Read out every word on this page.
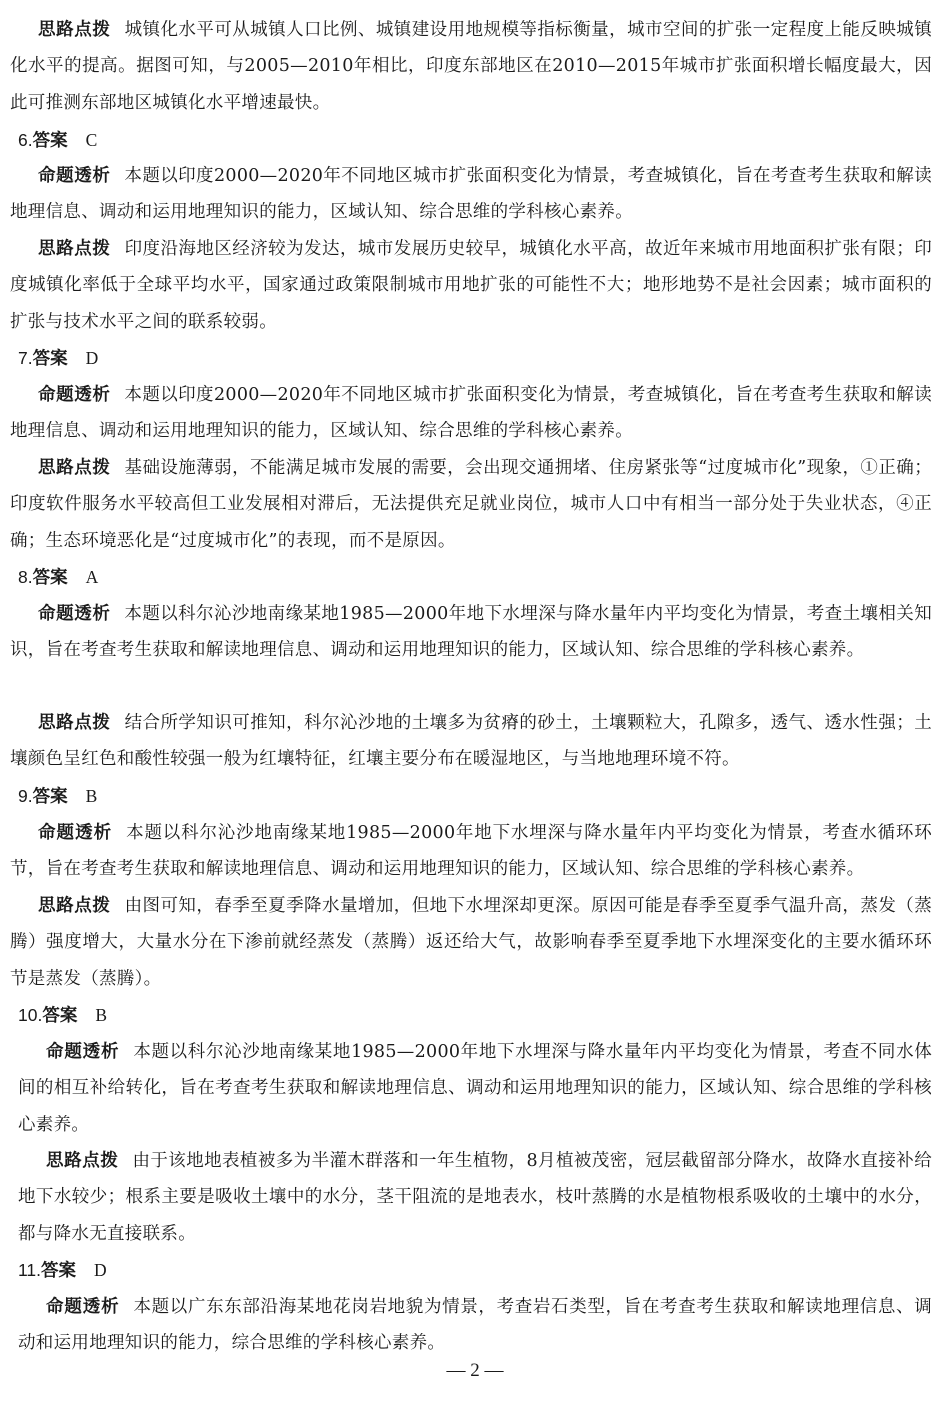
思路点拨 城镇化水平可从城镇人口比例、城镇建设用地规模等指标衡量，城市空间的扩张一定程度上能反映城镇化水平的提高。据图可知，与2005—2010年相比，印度东部地区在2010—2015年城市扩张面积增长幅度最大，因此可推测东部地区城镇化水平增速最快。
6.答案 C
命题透析 本题以印度2000—2020年不同地区城市扩张面积变化为情景，考查城镇化，旨在考查考生获取和解读地理信息、调动和运用地理知识的能力，区域认知、综合思维的学科核心素养。
思路点拨 印度沿海地区经济较为发达，城市发展历史较早，城镇化水平高，故近年来城市用地面积扩张有限；印度城镇化率低于全球平均水平，国家通过政策限制城市用地扩张的可能性不大；地形地势不是社会因素；城市面积的扩张与技术水平之间的联系较弱。
7.答案 D
命题透析 本题以印度2000—2020年不同地区城市扩张面积变化为情景，考查城镇化，旨在考查考生获取和解读地理信息、调动和运用地理知识的能力，区域认知、综合思维的学科核心素养。
思路点拨 基础设施薄弱，不能满足城市发展的需要，会出现交通拥堵、住房紧张等“过度城市化”现象，①正确；印度软件服务水平较高但工业发展相对滞后，无法提供充足就业岗位，城市人口中有相当一部分处于失业状态，④正确；生态环境恶化是“过度城市化”的表现，而不是原因。
8.答案 A
命题透析 本题以科尔沁沙地南缘某地1985—2000年地下水埋深与降水量年内平均变化为情景，考查土壤相关知识，旨在考查考生获取和解读地理信息、调动和运用地理知识的能力，区域认知、综合思维的学科核心素养。
思路点拨 结合所学知识可推知，科尔沁沙地的土壤多为贫瘠的砂土，土壤颗粒大，孔隙多，透气、透水性强；土壤颜色呈红色和酸性较强一般为红壤特征，红壤主要分布在暖湿地区，与当地地理环境不符。
9.答案 B
命题透析 本题以科尔沁沙地南缘某地1985—2000年地下水埋深与降水量年内平均变化为情景，考查水循环环节，旨在考查考生获取和解读地理信息、调动和运用地理知识的能力，区域认知、综合思维的学科核心素养。
思路点拨 由图可知，春季至夏季降水量增加，但地下水埋深却更深。原因可能是春季至夏季气温升高，蒸发（蒸腾）强度增大，大量水分在下渗前就经蒸发（蒸腾）返还给大气，故影响春季至夏季地下水埋深变化的主要水循环环节是蒸发（蒸腾）。
10.答案 B
命题透析 本题以科尔沁沙地南缘某地1985—2000年地下水埋深与降水量年内平均变化为情景，考查不同水体间的相互补给转化，旨在考查考生获取和解读地理信息、调动和运用地理知识的能力，区域认知、综合思维的学科核心素养。
思路点拨 由于该地地表植被多为半灌木群落和一年生植物，8月植被茂密，冠层截留部分降水，故降水直接补给地下水较少；根系主要是吸收土壤中的水分，茎干阻流的是地表水，枝叶蒸腾的水是植物根系吸收的土壤中的水分，都与降水无直接联系。
11.答案 D
命题透析 本题以广东东部沿海某地花岗岩地貌为情景，考查岩石类型，旨在考查考生获取和解读地理信息、调动和运用地理知识的能力，综合思维的学科核心素养。
— 2 —
